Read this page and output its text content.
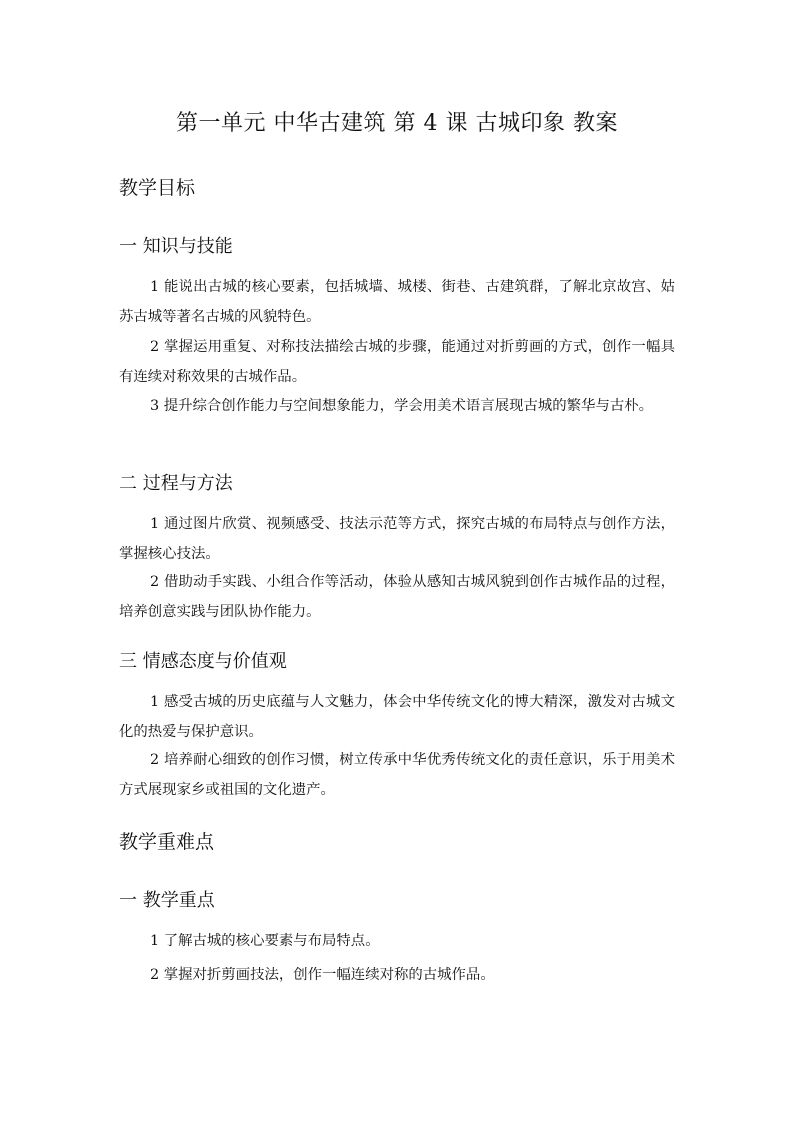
第一单元 中华古建筑 第 4 课 古城印象 教案
教学目标
一 知识与技能
1 能说出古城的核心要素，包括城墙、城楼、街巷、古建筑群，了解北京故宫、姑苏古城等著名古城的风貌特色。
2 掌握运用重复、对称技法描绘古城的步骤，能通过对折剪画的方式，创作一幅具有连续对称效果的古城作品。
3 提升综合创作能力与空间想象能力，学会用美术语言展现古城的繁华与古朴。
二 过程与方法
1 通过图片欣赏、视频感受、技法示范等方式，探究古城的布局特点与创作方法，掌握核心技法。
2 借助动手实践、小组合作等活动，体验从感知古城风貌到创作古城作品的过程，培养创意实践与团队协作能力。
三 情感态度与价值观
1 感受古城的历史底蕴与人文魅力，体会中华传统文化的博大精深，激发对古城文化的热爱与保护意识。
2 培养耐心细致的创作习惯，树立传承中华优秀传统文化的责任意识，乐于用美术方式展现家乡或祖国的文化遗产。
教学重难点
一 教学重点
1 了解古城的核心要素与布局特点。
2 掌握对折剪画技法，创作一幅连续对称的古城作品。
